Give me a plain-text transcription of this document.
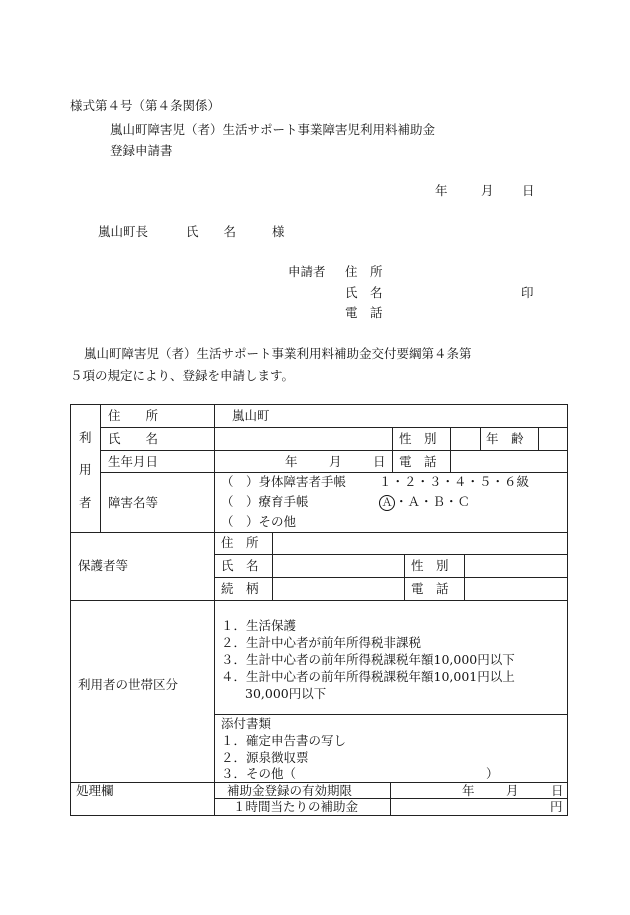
様式第４号（第４条関係）
嵐山町障害児（者）生活サポート事業障害児利用料補助金
登録申請書
年	月 日
嵐山町長	氏　　名	様
申請者 住　所
氏　名	印
電　話
嵐山町障害児（者）生活サポート事業利用料補助金交付要綱第４条第
５項の規定により、登録を申請します。
利
用
者
住　　所	嵐山町
氏　　名	性　別	年　齢
生年月日	年	月	日 電　話
障害名等
（　）身体障害者手帳	１・２・３・４・５・６級
（　）療育手帳	Ａ ・Ａ・Ｂ・Ｃ
（　）その他
保護者等
住　所
氏　名	性　別
続　柄	電　話
利用者の世帯区分
１．生活保護
２．生計中心者が前年所得税非課税
３．生計中心者の前年所得税課税年額10,000円以下
４．生計中心者の前年所得税課税年額10,001円以上
30,000円以下
添付書類
１．確定申告書の写し
２．源泉徴収票
３．その他（	）
処理欄	補助金登録の有効期限	年	月	日
１時間当たりの補助金	円
